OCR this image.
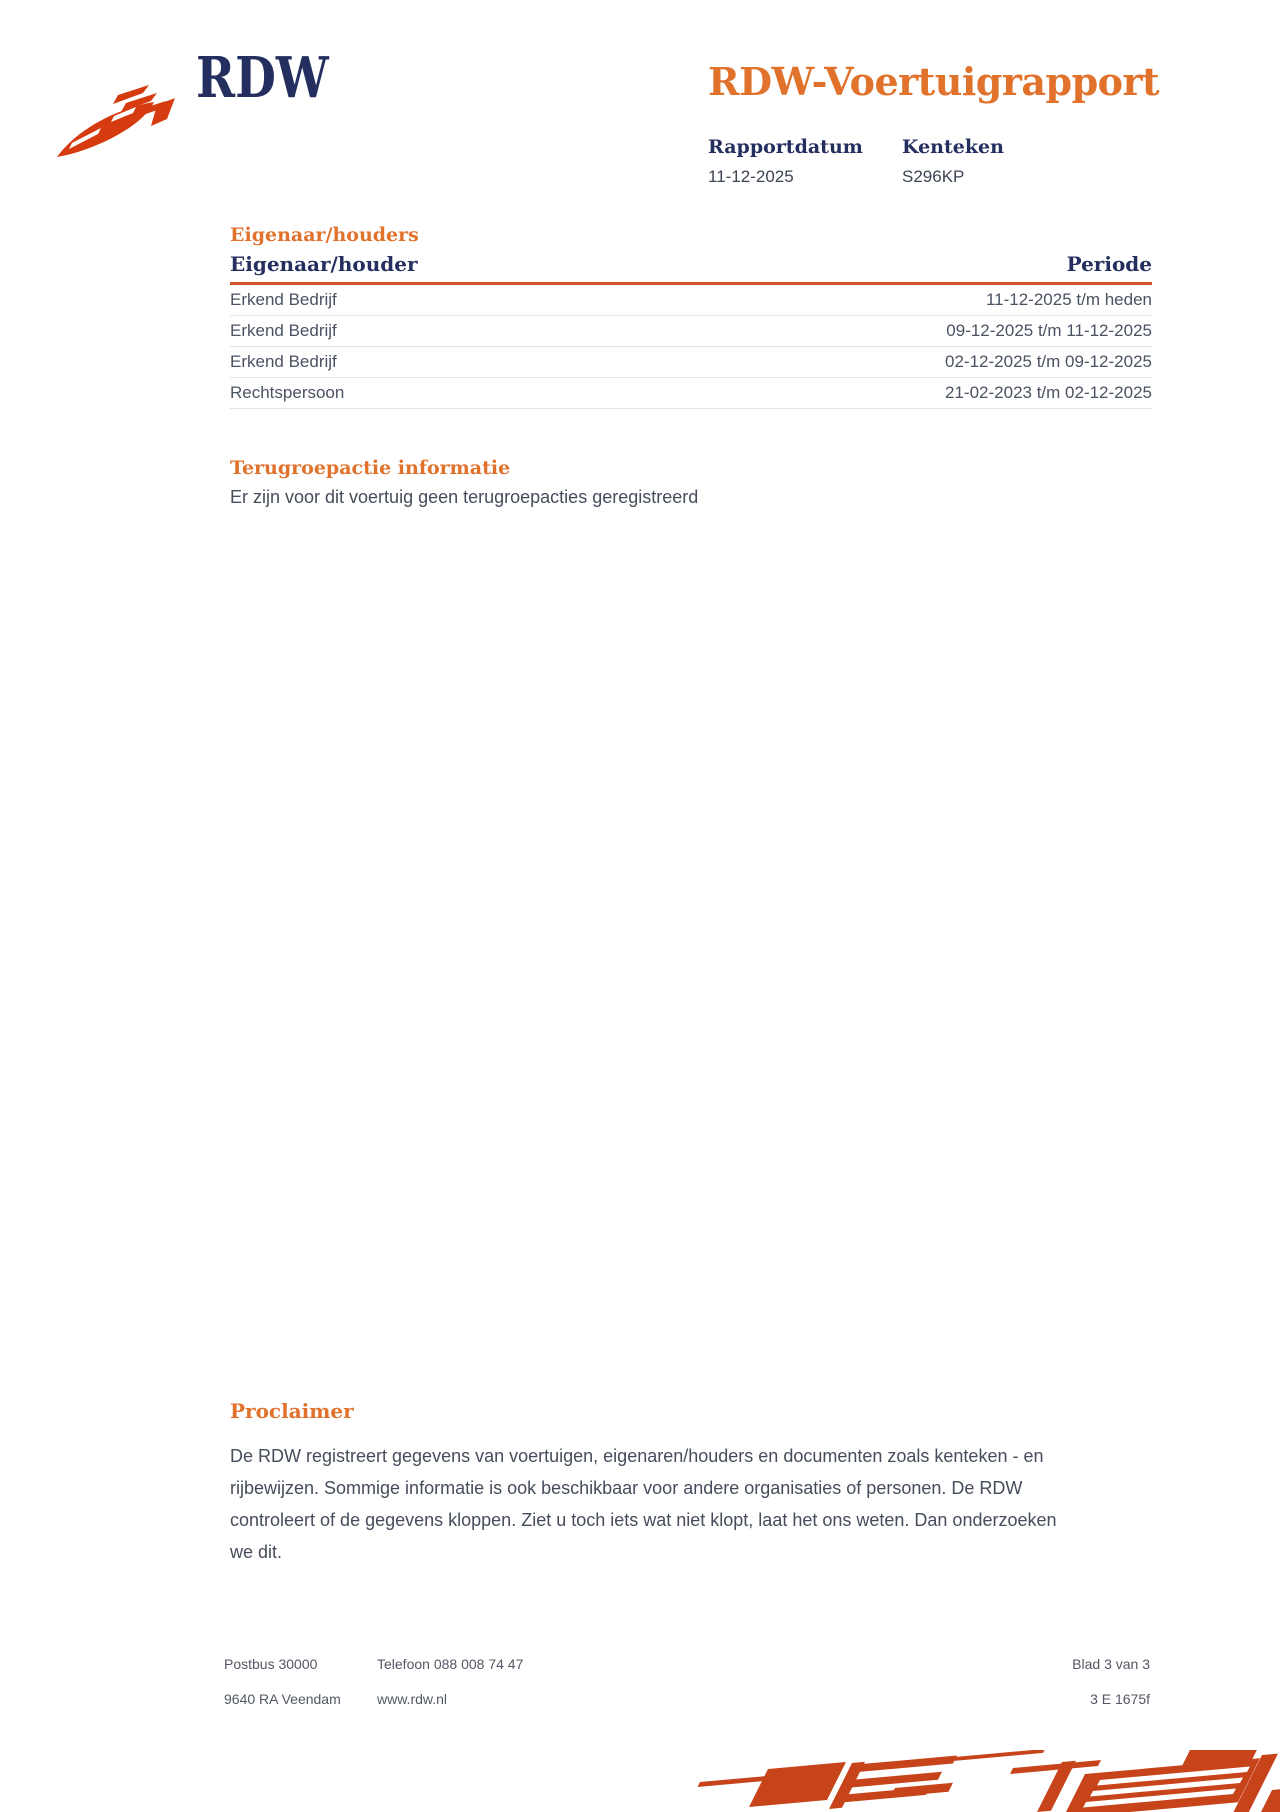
RDW	RDW-Voertuigrapport
Rapportdatum
11-12-2025
Kenteken
S296KP
Eigenaar/houders
Eigenaar/houder	Periode
Erkend Bedrijf	11-12-2025 t/m heden
Erkend Bedrijf	09-12-2025 t/m 11-12-2025
Erkend Bedrijf	02-12-2025 t/m 09-12-2025
Rechtspersoon	21-02-2023 t/m 02-12-2025
Terugroepactie informatie
Er zijn voor dit voertuig geen terugroepacties geregistreerd
Proclaimer
De RDW registreert gegevens van voertuigen, eigenaren/houders en documenten zoals kenteken - en
rijbewijzen. Sommige informatie is ook beschikbaar voor andere organisaties of personen. De RDW
controleert of de gegevens kloppen. Ziet u toch iets wat niet klopt, laat het ons weten. Dan onderzoeken
we dit.
Postbus 30000
9640 RA Veendam
Telefoon 088 008 74 47
www.rdw.nl
Blad 3 van 3
3 E 1675f
